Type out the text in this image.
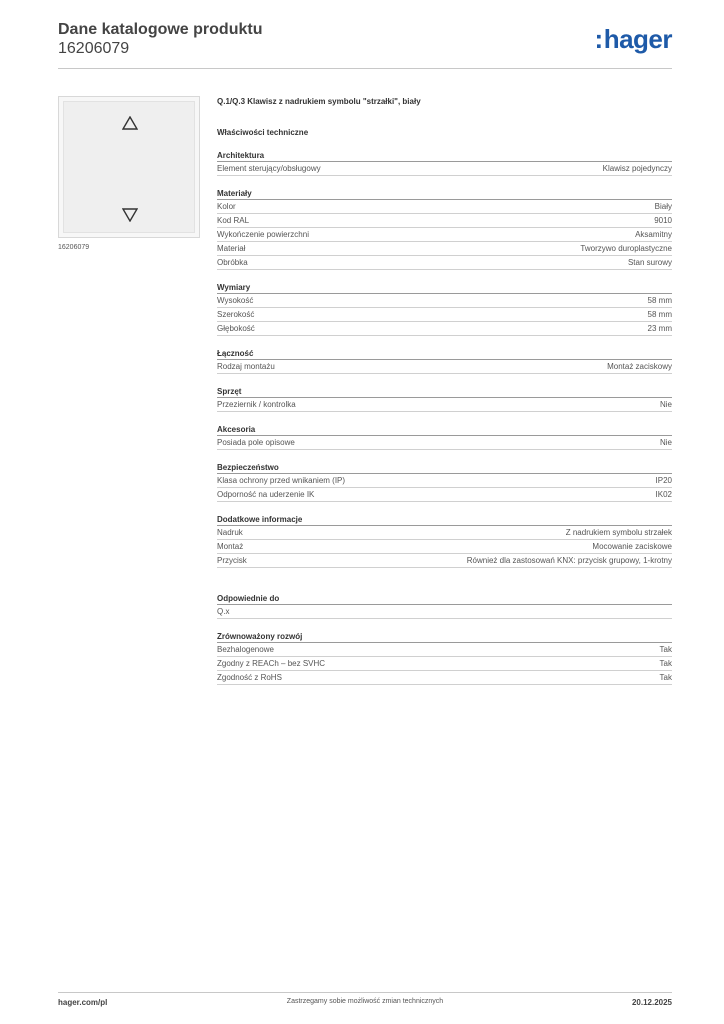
Dane katalogowe produktu
16206079	:hager
16206079
Q.1/Q.3 Klawisz z nadrukiem symbolu "strzałki", biały
Właściwości techniczne
Architektura
Element sterujący/obsługowy	Klawisz pojedynczy
Materiały
Kolor	Biały
Kod RAL	9010
Wykończenie powierzchni	Aksamitny
Materiał	Tworzywo duroplastyczne
Obróbka	Stan surowy
Wymiary
Wysokość	58 mm
Szerokość	58 mm
Głębokość	23 mm
Łączność
Rodzaj montażu	Montaż zaciskowy
Sprzęt
Przeziernik / kontrolka	Nie
Akcesoria
Posiada pole opisowe	Nie
Bezpieczeństwo
Klasa ochrony przed wnikaniem (IP)	IP20
Odporność na uderzenie IK	IK02
Dodatkowe informacje
Nadruk	Z nadrukiem symbolu strzałek
Montaż	Mocowanie zaciskowe
Przycisk	Również dla zastosowań KNX: przycisk grupowy, 1-krotny
Odpowiednie do
Q.x
Zrównoważony rozwój
Bezhalogenowe	Tak
Zgodny z REACh – bez SVHC	Tak
Zgodność z RoHS	Tak
hager.com/pl	Zastrzegamy sobie możliwość zmian technicznych	20.12.2025
